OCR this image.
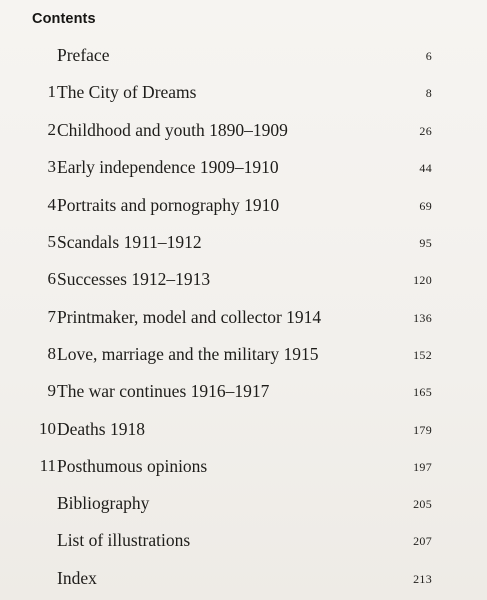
Contents
Preface	6
1 The City of Dreams	8
2 Childhood and youth 1890–1909	26
3 Early independence 1909–1910	44
4 Portraits and pornography 1910	69
5 Scandals 1911–1912	95
6 Successes 1912–1913	120
7 Printmaker, model and collector 1914	136
8 Love, marriage and the military 1915	152
9 The war continues 1916–1917	165
10 Deaths 1918	179
11 Posthumous opinions	197
Bibliography	205
List of illustrations	207
Index	213
